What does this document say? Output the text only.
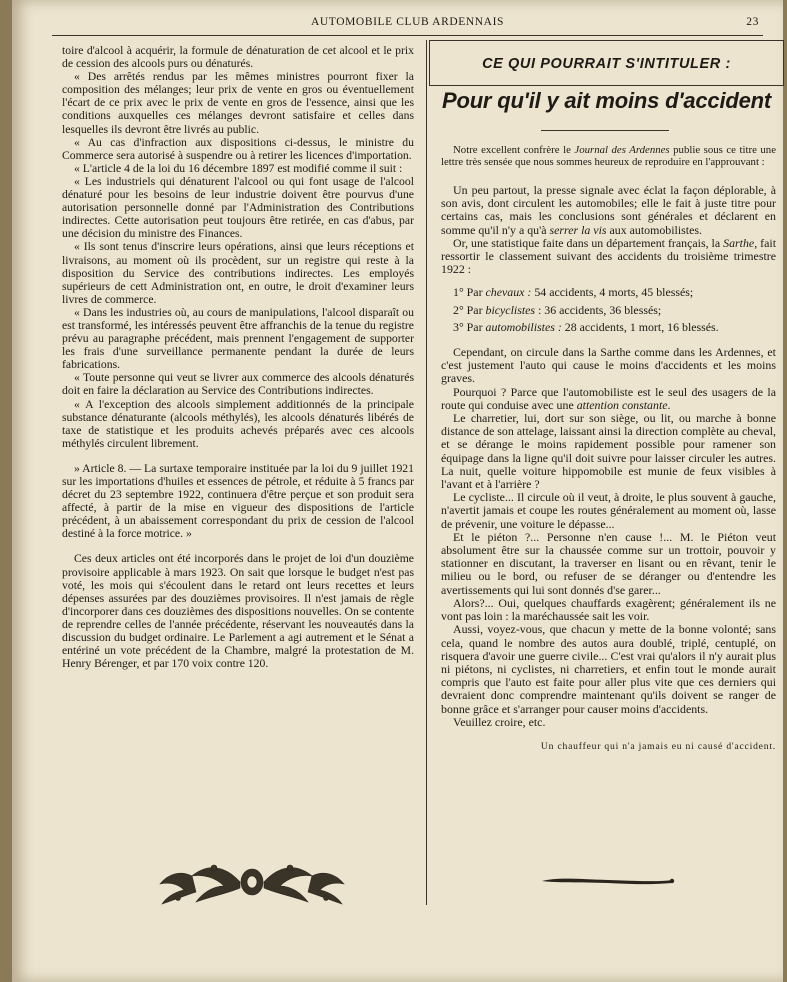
AUTOMOBILE CLUB ARDENNAIS	23

toire d'alcool à acquérir, la formule de dénaturation de cet alcool et le prix de cession des alcools purs ou dénaturés.

« Des arrêtés rendus par les mêmes ministres pourront fixer la composition des mélanges; leur prix de vente en gros ou éventuellement l'écart de ce prix avec le prix de vente en gros de l'essence, ainsi que les conditions auxquelles ces mélanges devront satisfaire et celles dans lesquelles ils devront être livrés au public.

« Au cas d'infraction aux dispositions ci-dessus, le ministre du Commerce sera autorisé à suspendre ou à retirer les licences d'importation.

« L'article 4 de la loi du 16 décembre 1897 est modifié comme il suit :

« Les industriels qui dénaturent l'alcool ou qui font usage de l'alcool dénaturé pour les besoins de leur industrie doivent être pourvus d'une autorisation personnelle donné par l'Administration des Contributions indirectes. Cette autorisation peut toujours être retirée, en cas d'abus, par une décision du ministre des Finances.

« Ils sont tenus d'inscrire leurs opérations, ainsi que leurs réceptions et livraisons, au moment où ils procèdent, sur un registre qui reste à la disposition du Service des contributions indirectes. Les employés supérieurs de cett Administration ont, en outre, le droit d'examiner leurs livres de commerce.

« Dans les industries où, au cours de manipulations, l'alcool disparaît ou est transformé, les intéressés peuvent être affranchis de la tenue du registre prévu au paragraphe précédent, mais prennent l'engagement de supporter les frais d'une surveillance permanente pendant la durée de leurs fabrications.

« Toute personne qui veut se livrer aux commerce des alcools dénaturés doit en faire la déclaration au Service des Contributions indirectes.

« A l'exception des alcools simplement additionnés de la principale substance dénaturante (alcools méthylés), les alcools dénaturés libérés de taxe de statistique et les produits achevés préparés avec ces alcools méthylés circulent librement.

» Article 8. — La surtaxe temporaire instituée par la loi du 9 juillet 1921 sur les importations d'huiles et essences de pétrole, et réduite à 5 francs par décret du 23 septembre 1922, continuera d'être perçue et son produit sera affecté, à partir de la mise en vigueur des dispositions de l'article précédent, à un abaissement correspondant du prix de cession de l'alcool destiné à la force motrice. »

Ces deux articles ont été incorporés dans le projet de loi d'un douzième provisoire applicable à mars 1923. On sait que lorsque le budget n'est pas voté, les mois qui s'écoulent dans le retard ont leurs recettes et leurs dépenses assurées par des douzièmes provisoires. Il n'est jamais de règle d'incorporer dans ces douzièmes des dispositions nouvelles. On se contente de reprendre celles de l'année précédente, réservant les nouveautés dans la discussion du budget ordinaire. Le Parlement a agi autrement et le Sénat a entériné un vote précédent de la Chambre, malgré la protestation de M. Henry Bérenger, et par 170 voix contre 120.

CE QUI POURRAIT S'INTITULER :
Pour qu'il y ait moins d'accident

Notre excellent confrère le Journal des Ardennes publie sous ce titre une lettre très sensée que nous sommes heureux de reproduire en l'approuvant :

Un peu partout, la presse signale avec éclat la façon déplorable, à son avis, dont circulent les automobiles; elle le fait à juste titre pour certains cas, mais les conclusions sont générales et déclarent en somme qu'il n'y a qu'à serrer la vis aux automobilistes.

Or, une statistique faite dans un département français, la Sarthe, fait ressortir le classement suivant des accidents du troisième trimestre 1922 :

1° Par chevaux : 54 accidents, 4 morts, 45 blessés;

2° Par bicyclistes : 36 accidents, 36 blessés;

3° Par automobilistes : 28 accidents, 1 mort, 16 blessés.

Cependant, on circule dans la Sarthe comme dans les Ardennes, et c'est justement l'auto qui cause le moins d'accidents et les moins graves.

Pourquoi ? Parce que l'automobiliste est le seul des usagers de la route qui conduise avec une attention constante.

Le charretier, lui, dort sur son siège, ou lit, ou marche à bonne distance de son attelage, laissant ainsi la direction complète au cheval, et se dérange le moins rapidement possible pour ramener son équipage dans la ligne qu'il doit suivre pour laisser circuler les autres. La nuit, quelle voiture hippomobile est munie de feux visibles à l'avant et à l'arrière ?

Le cycliste... Il circule où il veut, à droite, le plus souvent à gauche, n'avertit jamais et coupe les routes généralement au moment où, lasse de prévenir, une voiture le dépasse...

Et le piéton ?... Personne n'en cause !... M. le Piéton veut absolument être sur la chaussée comme sur un trottoir, pouvoir y stationner en discutant, la traverser en lisant ou en rêvant, tenir le milieu ou le bord, ou refuser de se déranger ou d'entendre les avertissements qui lui sont donnés d'se garer...

Alors?... Oui, quelques chauffards exagèrent; généralement ils ne vont pas loin : la maréchaussée sait les voir.

Aussi, voyez-vous, que chacun y mette de la bonne volonté; sans cela, quand le nombre des autos aura doublé, triplé, centuplé, on risquera d'avoir une guerre civile... C'est vrai qu'alors il n'y aurait plus ni piétons, ni cyclistes, ni charretiers, et enfin tout le monde aurait compris que l'auto est faite pour aller plus vite que ces derniers qui devraient donc comprendre maintenant qu'ils doivent se ranger de bonne grâce et s'arranger pour causer moins d'accidents.

Veuillez croire, etc.

Un chauffeur qui n'a jamais eu ni causé d'accident.
